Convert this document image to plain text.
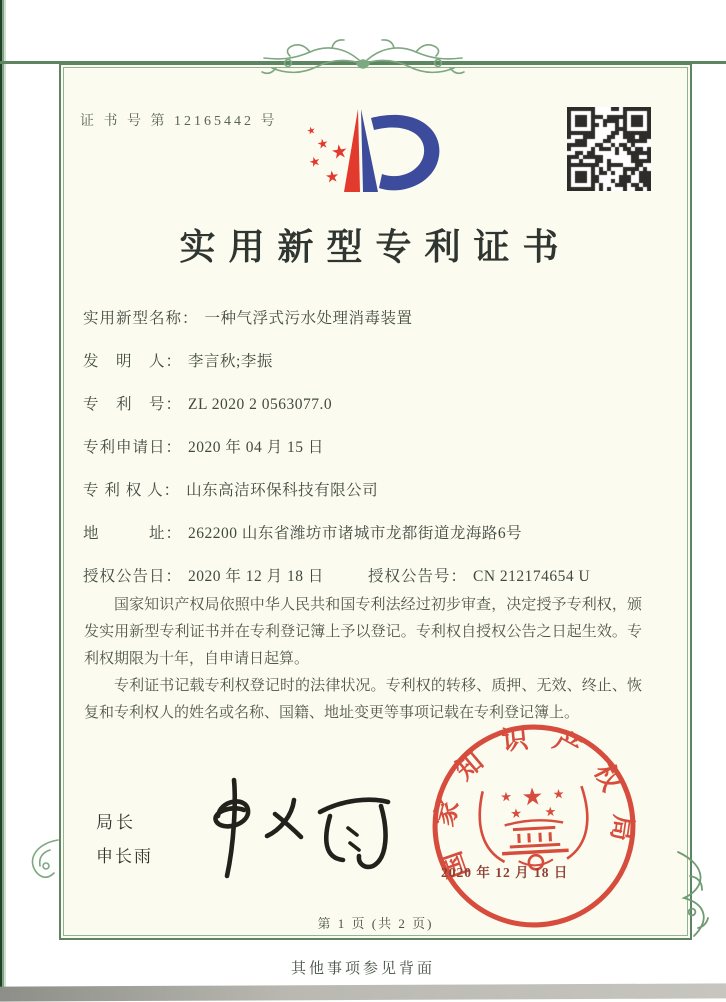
证 书 号 第 12165442 号
★
★ ★
★
★
实用新型专利证书
实用新型名称： 一种气浮式污水处理消毒装置
发　明　人： 李言秋;李振
专　利　号： ZL 2020 2 0563077.0
专利申请日： 2020 年 04 月 15 日
专 利 权 人： 山东高洁环保科技有限公司
地　　　址： 262200 山东省潍坊市诸城市龙都街道龙海路6号
授权公告日： 2020 年 12 月 18 日	授权公告号： CN 212174654 U

国家知识产权局依照中华人民共和国专利法经过初步审查，决定授予专利权，颁发实用新型专利证书并在专利登记簿上予以登记。专利权自授权公告之日起生效。专利权期限为十年，自申请日起算。

专利证书记载专利权登记时的法律状况。专利权的转移、质押、无效、终止、恢复和专利权人的姓名或名称、国籍、地址变更等事项记载在专利登记簿上。

局长
申长雨	国家知识产权局
★
★	★
★ ★
2020 年 12 月 18 日
第 1 页 (共 2 页)
其他事项参见背面
